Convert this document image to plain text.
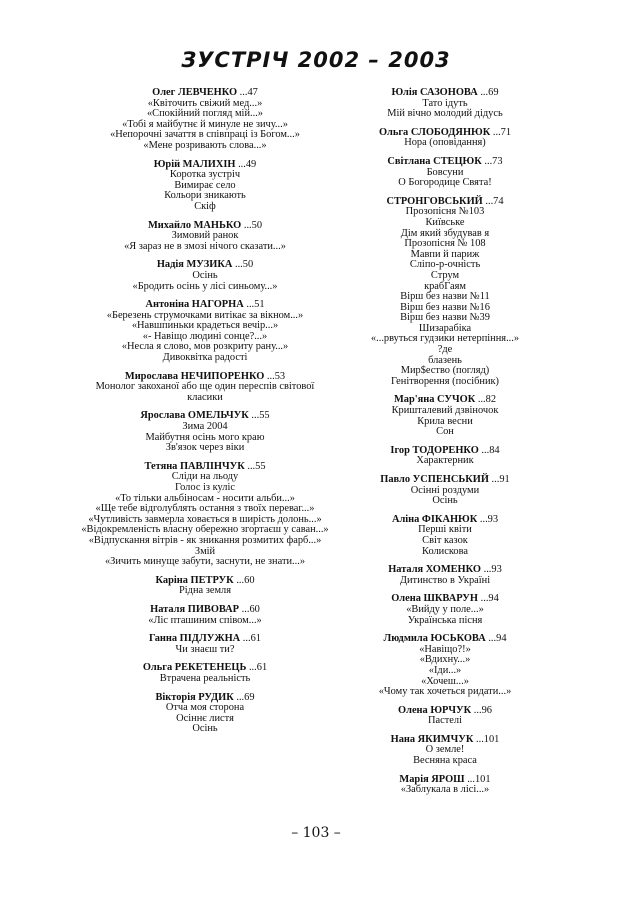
ЗУСТРІЧ 2002 – 2003
Олег ЛЕВЧЕНКО ...47
«Квіточить свіжий мед...»
«Спокійний погляд мій...»
«Тобі я майбутнє й минуле не зичу...»
«Непорочні зачаття в співпраці із Богом...»
«Мене розривають слова...»
Юрій МАЛИХІН ...49
Коротка зустріч
Вимирає село
Кольори зникають
Скіф
Михайло МАНЬКО ...50
Зимовий ранок
«Я зараз не в змозі нічого сказати...»
Надія МУЗИКА ...50
Осінь
«Бродить осінь у лісі синьому...»
Антоніна НАГОРНА ...51
«Березень струмочками витікає за вікном...»
«Навшпиньки крадеться вечір...»
«- Навіщо людині сонце?...»
«Несла я слово, мов розкриту рану...»
Дивоквітка радості
Мирослава НЕЧИПОРЕНКО ...53
Монолог закоханої або ще один переспів світової класики
Ярослава ОМЕЛЬЧУК ...55
Зима 2004
Майбутня осінь мого краю
Зв'язок через віки
Тетяна ПАВЛІНЧУК ...55
Сліди на льоду
Голос із куліс
«То тільки альбіносам - носити альби...»
«Ще тебе відголублять остання з твоїх переваг...»
«Чутливість завмерла ховається в ширість долонь...»
«Відокремленість власну обережно згортаєш у саван...»
«Відпускання вітрів - як зникання розмитих фарб...»
Змій
«Зичить минуще забути, заснути, не знати...»
Каріна ПЕТРУК ...60
Рідна земля
Наталя ПИВОВАР ...60
«Ліс пташиним співом...»
Ганна ПІДЛУЖНА ...61
Чи знаєш ти?
Ольга РЕКЕТЕНЕЦЬ ...61
Втрачена реальність
Вікторія РУДИК ...69
Отча моя сторона
Осіннє листя
Осінь
Юлія САЗОНОВА ...69
Тато ідуть
Мій вічно молодий дідусь
Ольга СЛОБОДЯНЮК ...71
Нора (оповідання)
Світлана СТЕЦЮК ...73
Бовсуни
О Богородице Свята!
СТРОНГОВСЬКИЙ ...74
Прозопісня №103
Київське
Дім який збудував я
Прозопісня № 108
Мавпи й париж
Сліпо-р-очність
Струм
крабГаям
Вірш без назви №11
Вірш без назви №16
Вірш без назви №39
Шизарабіка
«...рвуться гудзики нетерпіння...»
?де
блазень
Мир$ество (погляд)
Генітворення (посібник)
Мар'яна СУЧОК ...82
Кришталевий дзвіночок
Крила весни
Сон
Ігор ТОДОРЕНКО ...84
Характерник
Павло УСПЕНСЬКИЙ ...91
Осінні роздуми
Осінь
Аліна ФІКАНЮК ...93
Перші квіти
Світ казок
Колискова
Наталя ХОМЕНКО ...93
Дитинство в Україні
Олена ШКВАРУН ...94
«Вийду у поле...»
Українська пісня
Людмила ЮСЬКОВА ...94
«Навіщо?!»
«Вдихну...»
«Іди...»
«Хочеш...»
«Чому так хочеться ридати...»
Олена ЮРЧУК ...96
Пастелі
Нана ЯКИМЧУК ...101
О земле!
Весняна краса
Марія ЯРОШ ...101
«Заблукала в лісі...»
– 103 –
